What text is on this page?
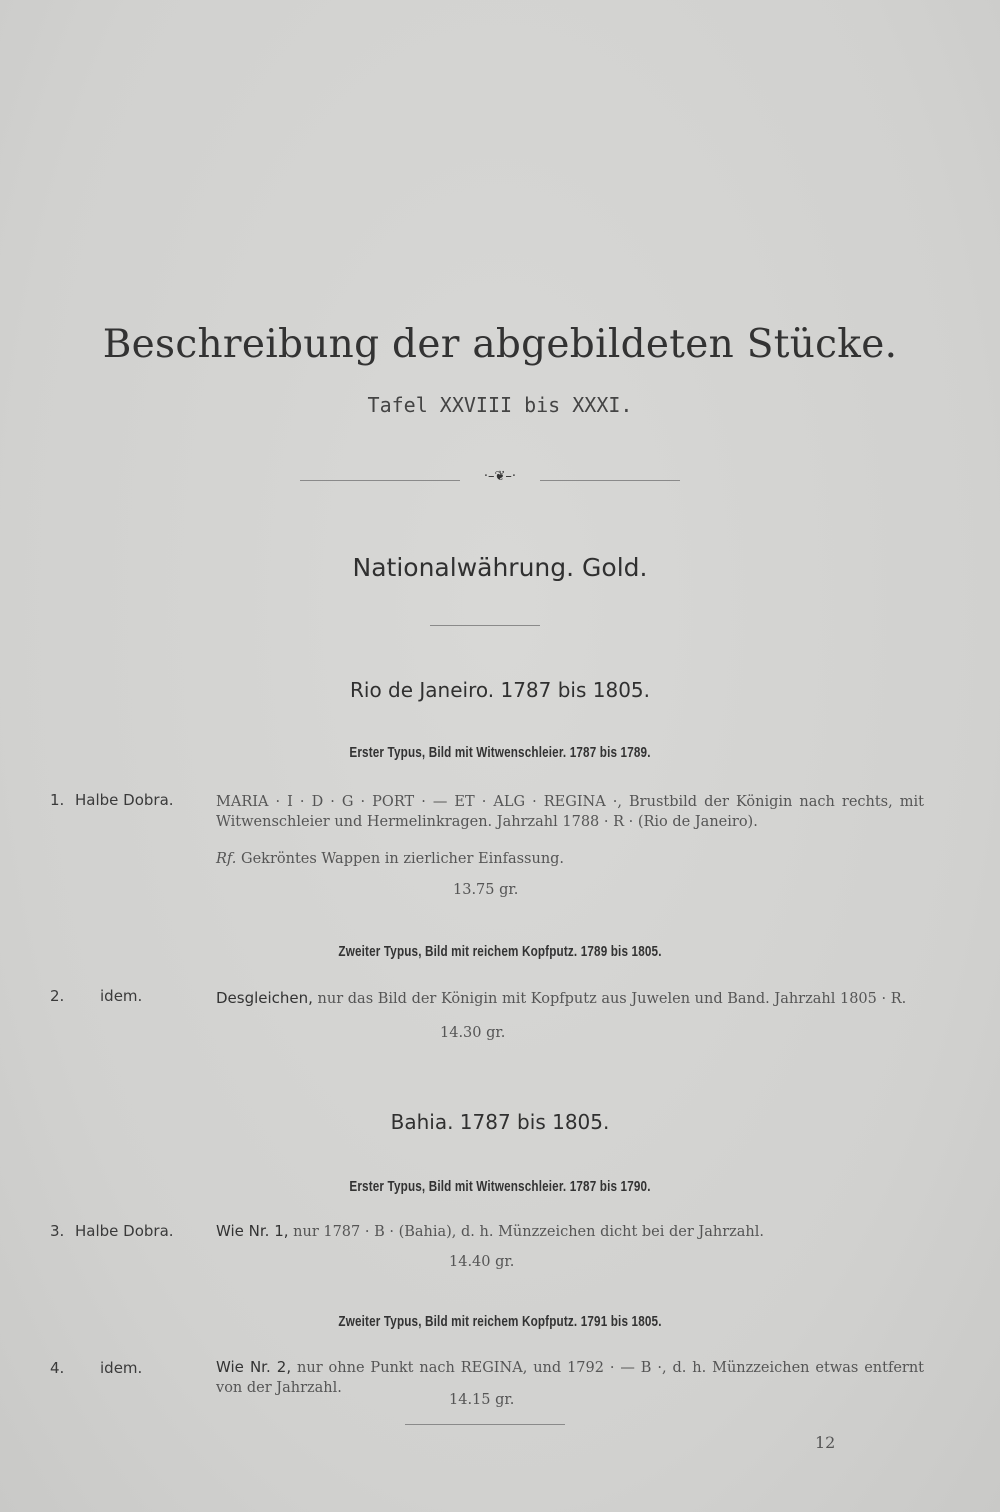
Beschreibung der abgebildeten Stücke.
Tafel XXVIII bis XXXI.
·–❦–·
Nationalwährung. Gold.
Rio de Janeiro. 1787 bis 1805.
Erster Typus, Bild mit Witwenschleier. 1787 bis 1789.
1. Halbe Dobra.	MARIA · I · D · G · PORT · — ET · ALG · REGINA ·, Brustbild der Königin nach rechts, mit Witwenschleier und Hermelinkragen. Jahrzahl 1788 · R · (Rio de Janeiro).
Rf. Gekröntes Wappen in zierlicher Einfassung.
13.75 gr.
Zweiter Typus, Bild mit reichem Kopfputz. 1789 bis 1805.
2. idem.	Desgleichen, nur das Bild der Königin mit Kopfputz aus Juwelen und Band. Jahrzahl 1805 · R.
14.30 gr.
Bahia. 1787 bis 1805.
Erster Typus, Bild mit Witwenschleier. 1787 bis 1790.
3. Halbe Dobra.	Wie Nr. 1, nur 1787 · B · (Bahia), d. h. Münzzeichen dicht bei der Jahrzahl.
14.40 gr.
Zweiter Typus, Bild mit reichem Kopfputz. 1791 bis 1805.
4. idem.	Wie Nr. 2, nur ohne Punkt nach REGINA, und 1792 · — B ·, d. h. Münzzeichen etwas entfernt von der Jahrzahl.
14.15 gr.
12
